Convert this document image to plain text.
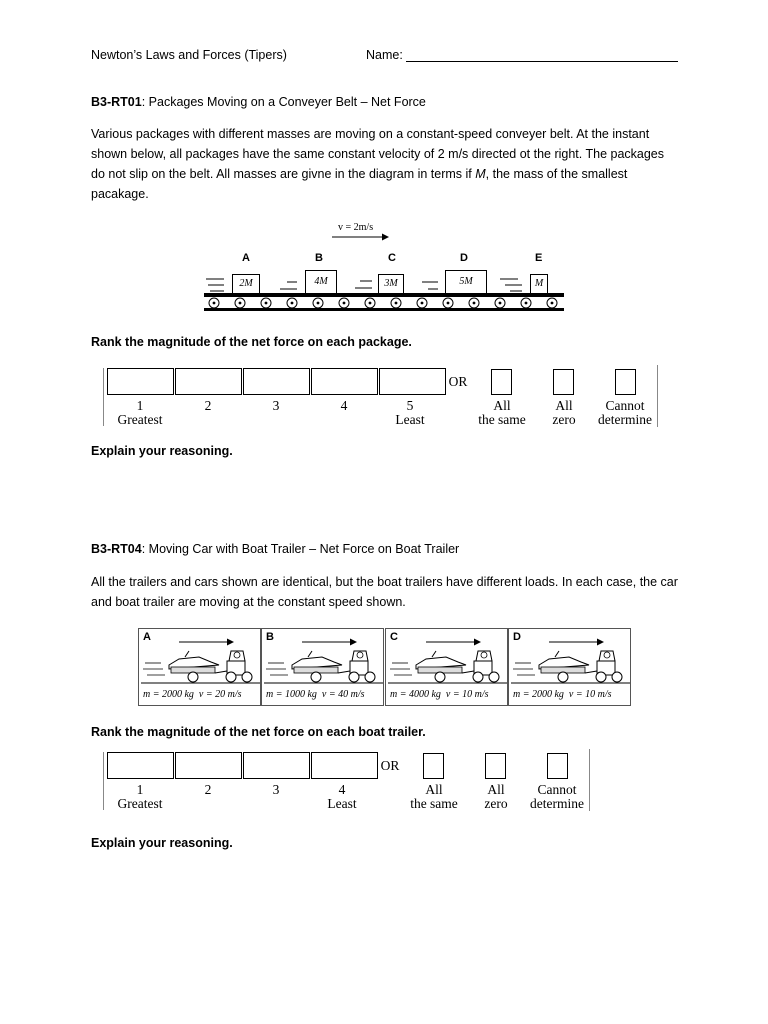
Newton’s Laws and Forces (Tipers)	Name:
B3-RT01: Packages Moving on a Conveyer Belt – Net Force
Various packages with different masses are moving on a constant-speed conveyer belt. At the instant shown below, all packages have the same constant velocity of 2 m/s directed ot the right. The packages do not slip on the belt. All masses are givne in the diagram in terms if M, the mass of the smallest pacakage.
v = 2m/s
A	B	C	D	E
2M	4M	3M	5M	M
Rank the magnitude of the net force on each package.
OR
1	2	3	4	5
Greatest	Least
All
the same
All
zero
Cannot
determine
Explain your reasoning.
B3-RT04: Moving Car with Boat Trailer – Net Force on Boat Trailer
All the trailers and cars shown are identical, but the boat trailers have different loads. In each case, the car and boat trailer are moving at the constant speed shown.
A
m = 2000 kg v = 20 m/s
B
m = 1000 kg v = 40 m/s
C
m = 4000 kg v = 10 m/s
D
m = 2000 kg v = 10 m/s
Rank the magnitude of the net force on each boat trailer.
OR
1	2	3	4
Greatest	Least
All
the same
All
zero
Cannot
determine
Explain your reasoning.
